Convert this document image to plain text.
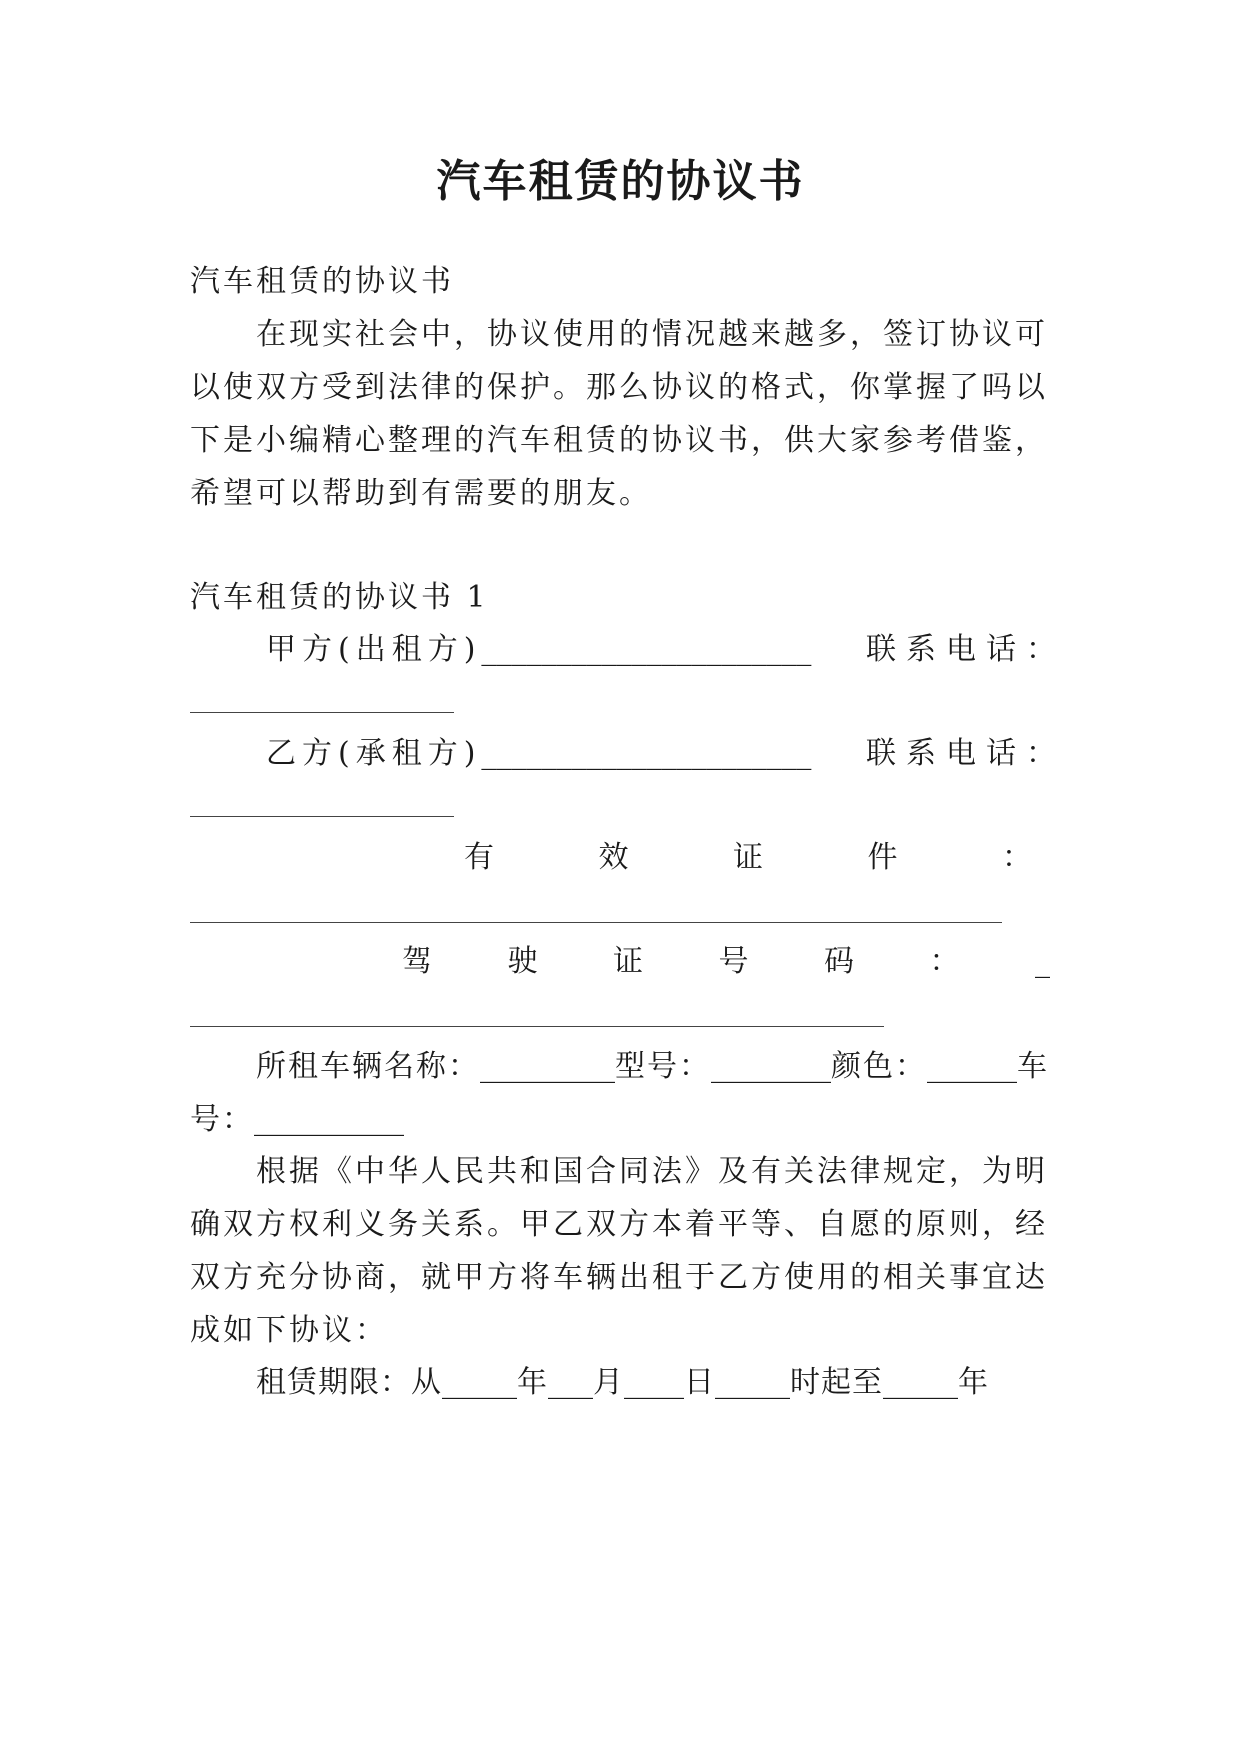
汽车租赁的协议书
汽车租赁的协议书
在现实社会中，协议使用的情况越来越多，签订协议可
以使双方受到法律的保护。那么协议的格式，你掌握了吗以
下是小编精心整理的汽车租赁的协议书，供大家参考借鉴，
希望可以帮助到有需要的朋友。
汽车租赁的协议书 1
甲方(出租方)______________________	联系电话：
乙方(承租方)______________________	联系电话：
有	效	证	件	：
驾	驶	证	号	码	：	_
所租车辆名称：_________型号：________颜色：______车
号：__________
根据《中华人民共和国合同法》及有关法律规定，为明
确双方权利义务关系。甲乙双方本着平等、自愿的原则，经
双方充分协商，就甲方将车辆出租于乙方使用的相关事宜达
成如下协议：
租赁期限：从_____年___月____日_____时起至_____年
